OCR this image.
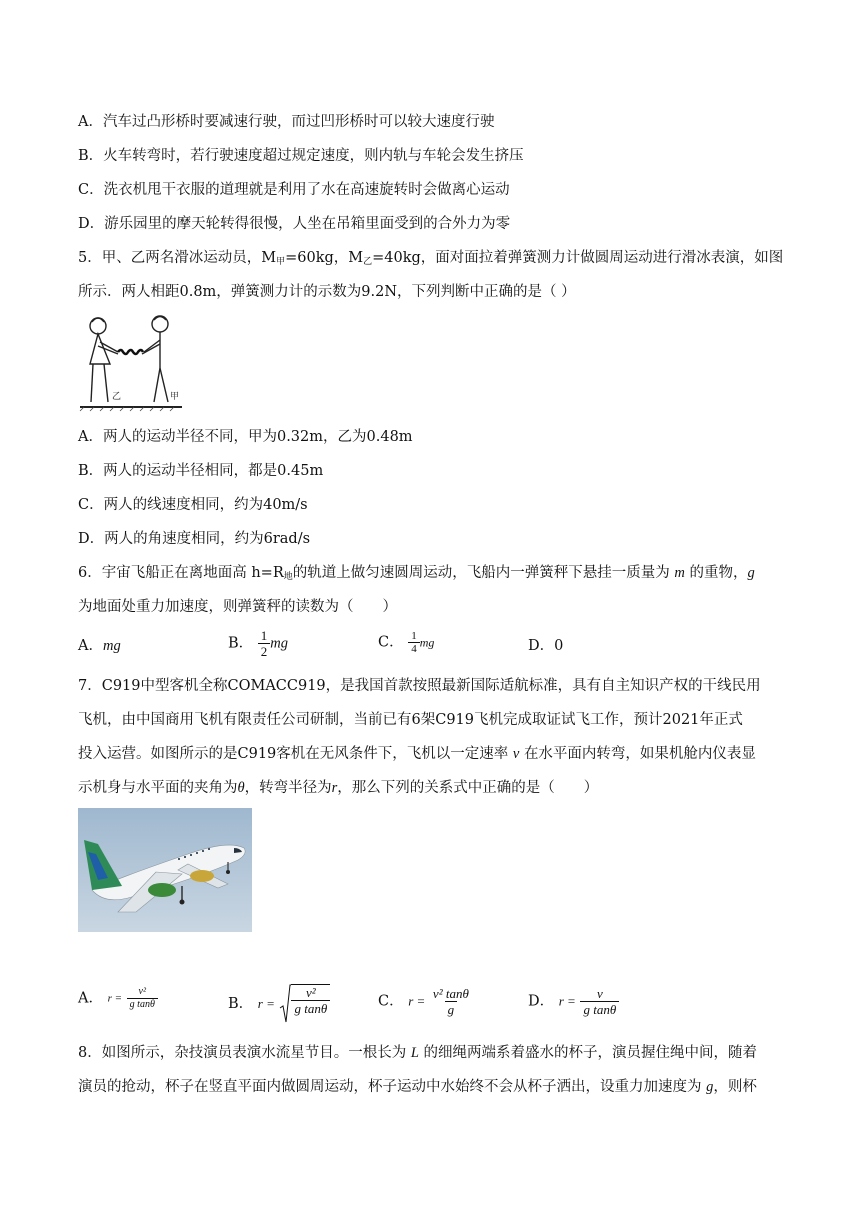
A．汽车过凸形桥时要减速行驶，而过凹形桥时可以较大速度行驶
B．火车转弯时，若行驶速度超过规定速度，则内轨与车轮会发生挤压
C．洗衣机甩干衣服的道理就是利用了水在高速旋转时会做离心运动
D．游乐园里的摩天轮转得很慢，人坐在吊箱里面受到的合外力为零
5．甲、乙两名滑冰运动员，$M_甲=60kg$，$M_乙=40kg$，面对面拉着弹簧测力计做圆周运动进行滑冰表演，如图
所示．两人相距0.8m，弹簧测力计的示数为9.2N，下列判断中正确的是（ ）
乙	甲
A．两人的运动半径不同，甲为0.32m，乙为0.48m
B．两人的运动半径相同，都是0.45m
C．两人的线速度相同，约为40m/s
D．两人的角速度相同，约为6rad/s
6．宇宙飞船正在离地面高 $h=R_地$的轨道上做匀速圆周运动，飞船内一弹簧秤下悬挂一质量为 m 的重物，g
为地面处重力加速度，则弹簧秤的读数为（　　）
A．mg	B． $\frac{1}{2}$ mg	C． $\frac{1}{4}$ mg	D．0
7．C919中型客机全称COMACC919，是我国首款按照最新国际适航标准，具有自主知识产权的干线民用
飞机，由中国商用飞机有限责任公司研制，当前已有6架C919飞机完成取证试飞工作，预计2021年正式
投入运营。如图所示的是C919客机在无风条件下，飞机以一定速率 v 在水平面内转弯，如果机舱内仪表显
示机身与水平面的夹角为θ，转弯半径为r，那么下列的关系式中正确的是（　　）
A． $r = \frac{\text{v²}}{\text{g tanθ}}$	B． $r = \frac{\text{v²}}{\text{g tanθ}}$	C． $r = \frac{\text{v² tanθ}}{g}$	D． $r = \frac{v}{\text{g tanθ}}$
8．如图所示，杂技演员表演水流星节目。一根长为 L 的细绳两端系着盛水的杯子，演员握住绳中间，随着
演员的抢动，杯子在竖直平面内做圆周运动，杯子运动中水始终不会从杯子洒出，设重力加速度为 g，则杯
